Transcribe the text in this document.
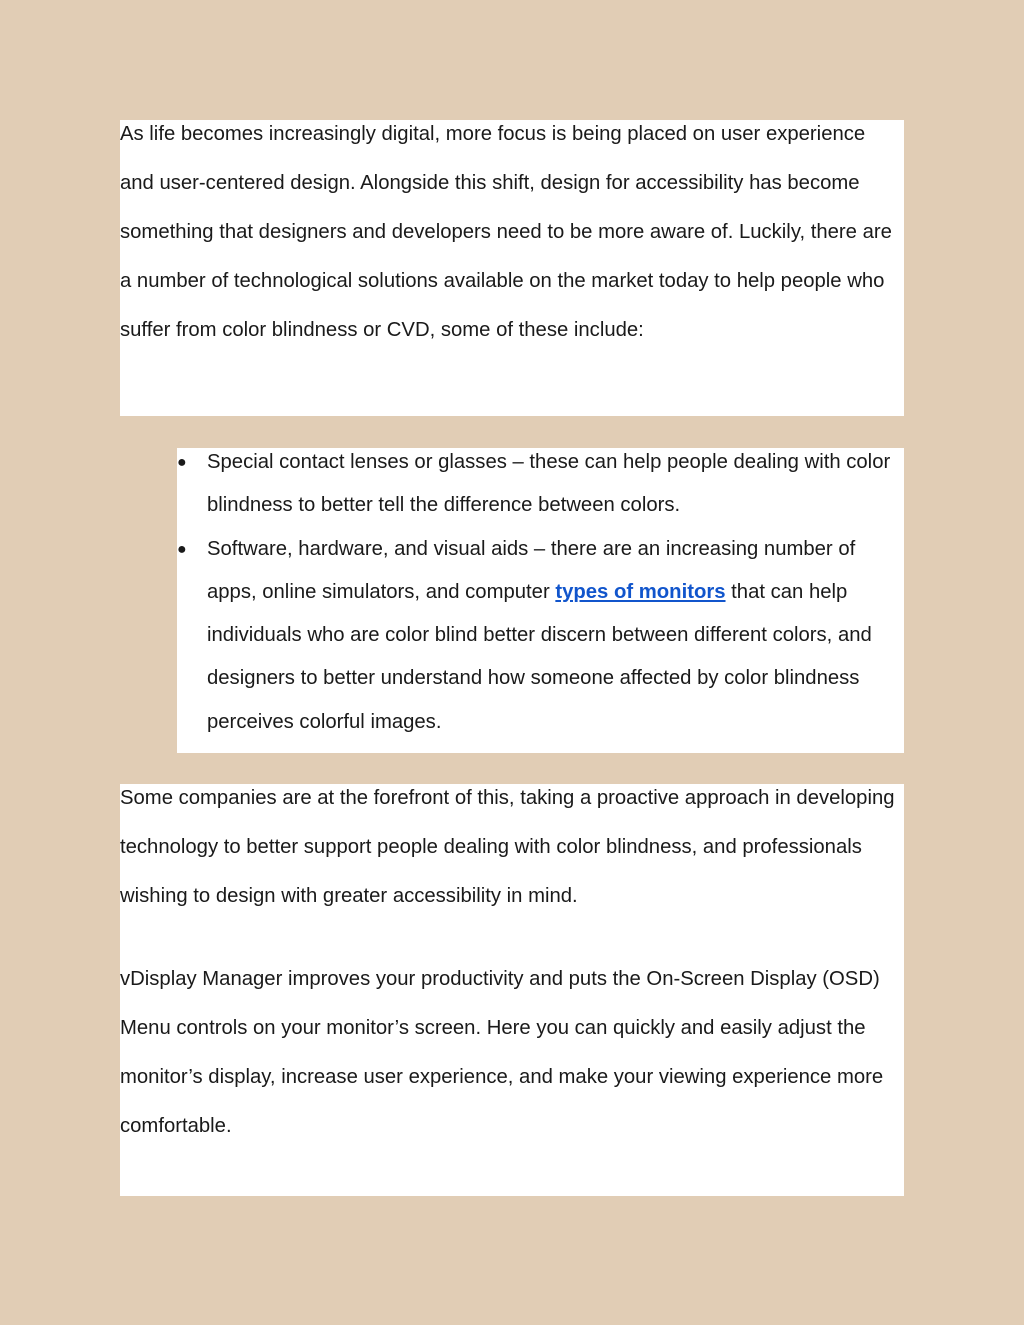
As life becomes increasingly digital, more focus is being placed on user experience and user-centered design. Alongside this shift, design for accessibility has become something that designers and developers need to be more aware of. Luckily, there are a number of technological solutions available on the market today to help people who suffer from color blindness or CVD, some of these include:

● Special contact lenses or glasses – these can help people dealing with color blindness to better tell the difference between colors.
● Software, hardware, and visual aids – there are an increasing number of apps, online simulators, and computer types of monitors that can help individuals who are color blind better discern between different colors, and designers to better understand how someone affected by color blindness perceives colorful images.

Some companies are at the forefront of this, taking a proactive approach in developing technology to better support people dealing with color blindness, and professionals wishing to design with greater accessibility in mind.

vDisplay Manager improves your productivity and puts the On-Screen Display (OSD) Menu controls on your monitor’s screen. Here you can quickly and easily adjust the monitor’s display, increase user experience, and make your viewing experience more comfortable.
